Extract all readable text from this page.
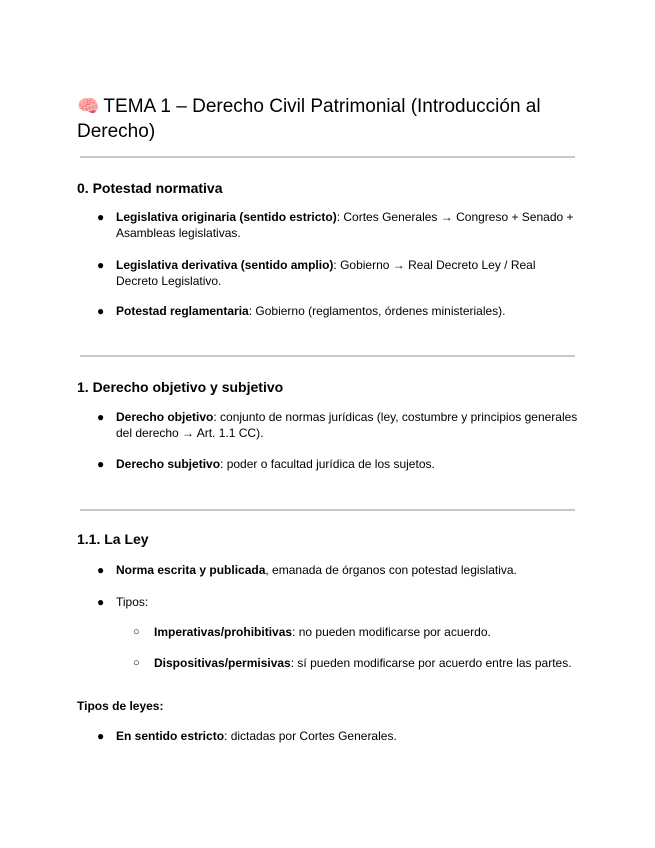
🧠 TEMA 1 – Derecho Civil Patrimonial (Introducción al Derecho)
0. Potestad normativa
● Legislativa originaria (sentido estricto): Cortes Generales → Congreso + Senado + Asambleas legislativas.
● Legislativa derivativa (sentido amplio): Gobierno → Real Decreto Ley / Real Decreto Legislativo.
● Potestad reglamentaria: Gobierno (reglamentos, órdenes ministeriales).
1. Derecho objetivo y subjetivo
● Derecho objetivo: conjunto de normas jurídicas (ley, costumbre y principios generales del derecho → Art. 1.1 CC).
● Derecho subjetivo: poder o facultad jurídica de los sujetos.
1.1. La Ley
● Norma escrita y publicada, emanada de órganos con potestad legislativa.
● Tipos:
○ Imperativas/prohibitivas: no pueden modificarse por acuerdo.
○ Dispositivas/permisivas: sí pueden modificarse por acuerdo entre las partes.
Tipos de leyes:
● En sentido estricto: dictadas por Cortes Generales.
